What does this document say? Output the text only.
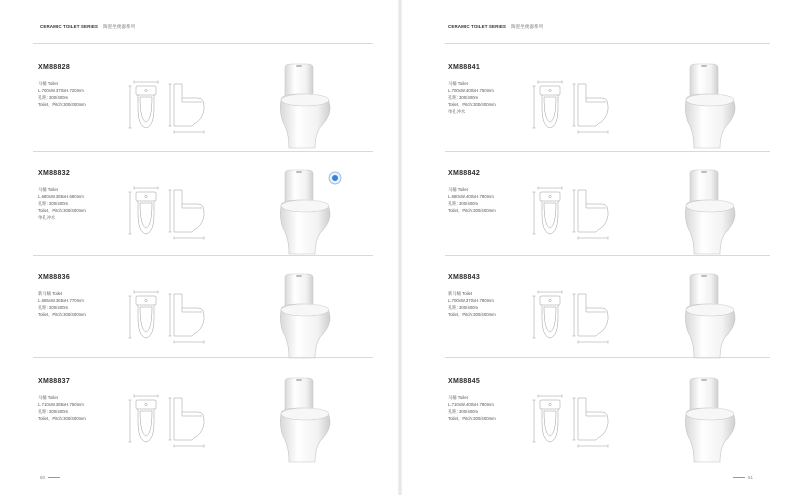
CERAMIC TOILET SERIES 陶瓷坐便器系列
XM88828
马桶 Toilet
L.700xW.370xH.720mm
孔距: 300/400m
Toilet、Pitch:300/400mm
XM88832
马桶 Toilet
L.680xW.385xH.680mm
孔距: 300/400m
Toilet、Pitch:300/400mm
单孔冲水
XM88836
新马桶 Toilet
L.685xW.365xH.770mm
孔距: 300/400m
Toilet、Pitch:300/400mm
XM88837
马桶 Toilet
L.710xW.385xH.750mm
孔距: 300/400m
Toilet、Pitch:300/400mm
50
CERAMIC TOILET SERIES 陶瓷坐便器系列
XM88841
马桶 Toilet
L.700xW.400xH.750mm
孔距: 300/400m
Toilet、Pitch:300/400mm
单孔冲水
XM88842
马桶 Toilet
L.680xW.400xH.780mm
孔距: 300/400m
Toilet、Pitch:300/400mm
XM88843
新马桶 Toilet
L.700xW.370xH.780mm
孔距: 300/400m
Toilet、Pitch:300/400mm
XM88845
马桶 Toilet
L.710xW.400xH.780mm
孔距: 300/400m
Toilet、Pitch:300/400mm
51
